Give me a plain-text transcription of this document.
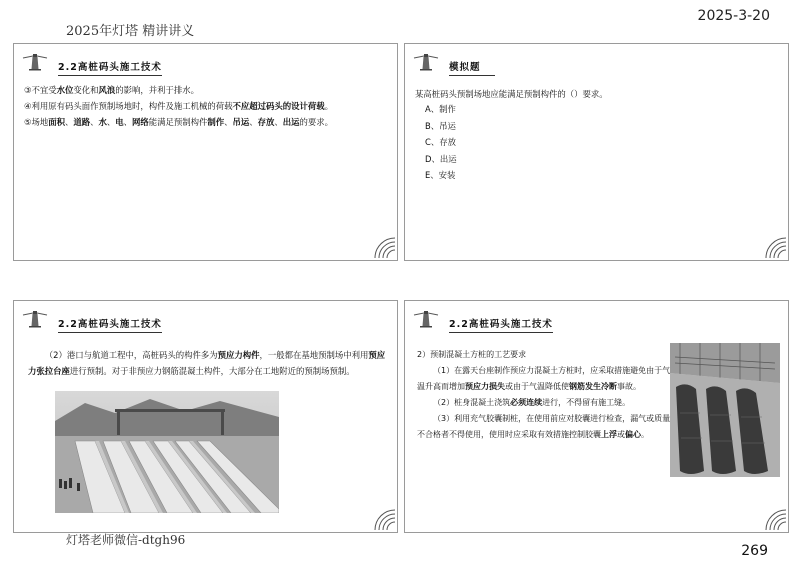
2025年灯塔 精讲讲义
2025-3-20
2.2高桩码头施工技术

③不宜受水位变化和风浪的影响，并利于排水。

④利用原有码头面作预制场地时，构件及施工机械的荷载不应超过码头的设计荷载。

⑤场地面积、道路、水、电、网络能满足预制构件制作、吊运、存放、出运的要求。

模拟题

某高桩码头预制场地应能满足预制构件的（）要求。

A、制作

B、吊运

C、存放

D、出运

E、安装

2.2高桩码头施工技术

（2）港口与航道工程中，高桩码头的构件多为预应力构件，一般都在基地预制场中利用预应力张拉台座进行预制。对于非预应力钢筋混凝土构件，大部分在工地附近的预制场预制。

2.2高桩码头施工技术

2）预制混凝土方桩的工艺要求

（1）在露天台座制作预应力混凝土方桩时，应采取措施避免由于气温升高而增加预应力损失或由于气温降低使钢筋发生冷断事故。

（2）桩身混凝土浇筑必须连续进行，不得留有施工缝。

（3）利用充气胶囊制桩，在使用前应对胶囊进行检查，漏气或质量不合格者不得使用，使用时应采取有效措施控制胶囊上浮或偏心。

灯塔老师微信-dtgh96
269
